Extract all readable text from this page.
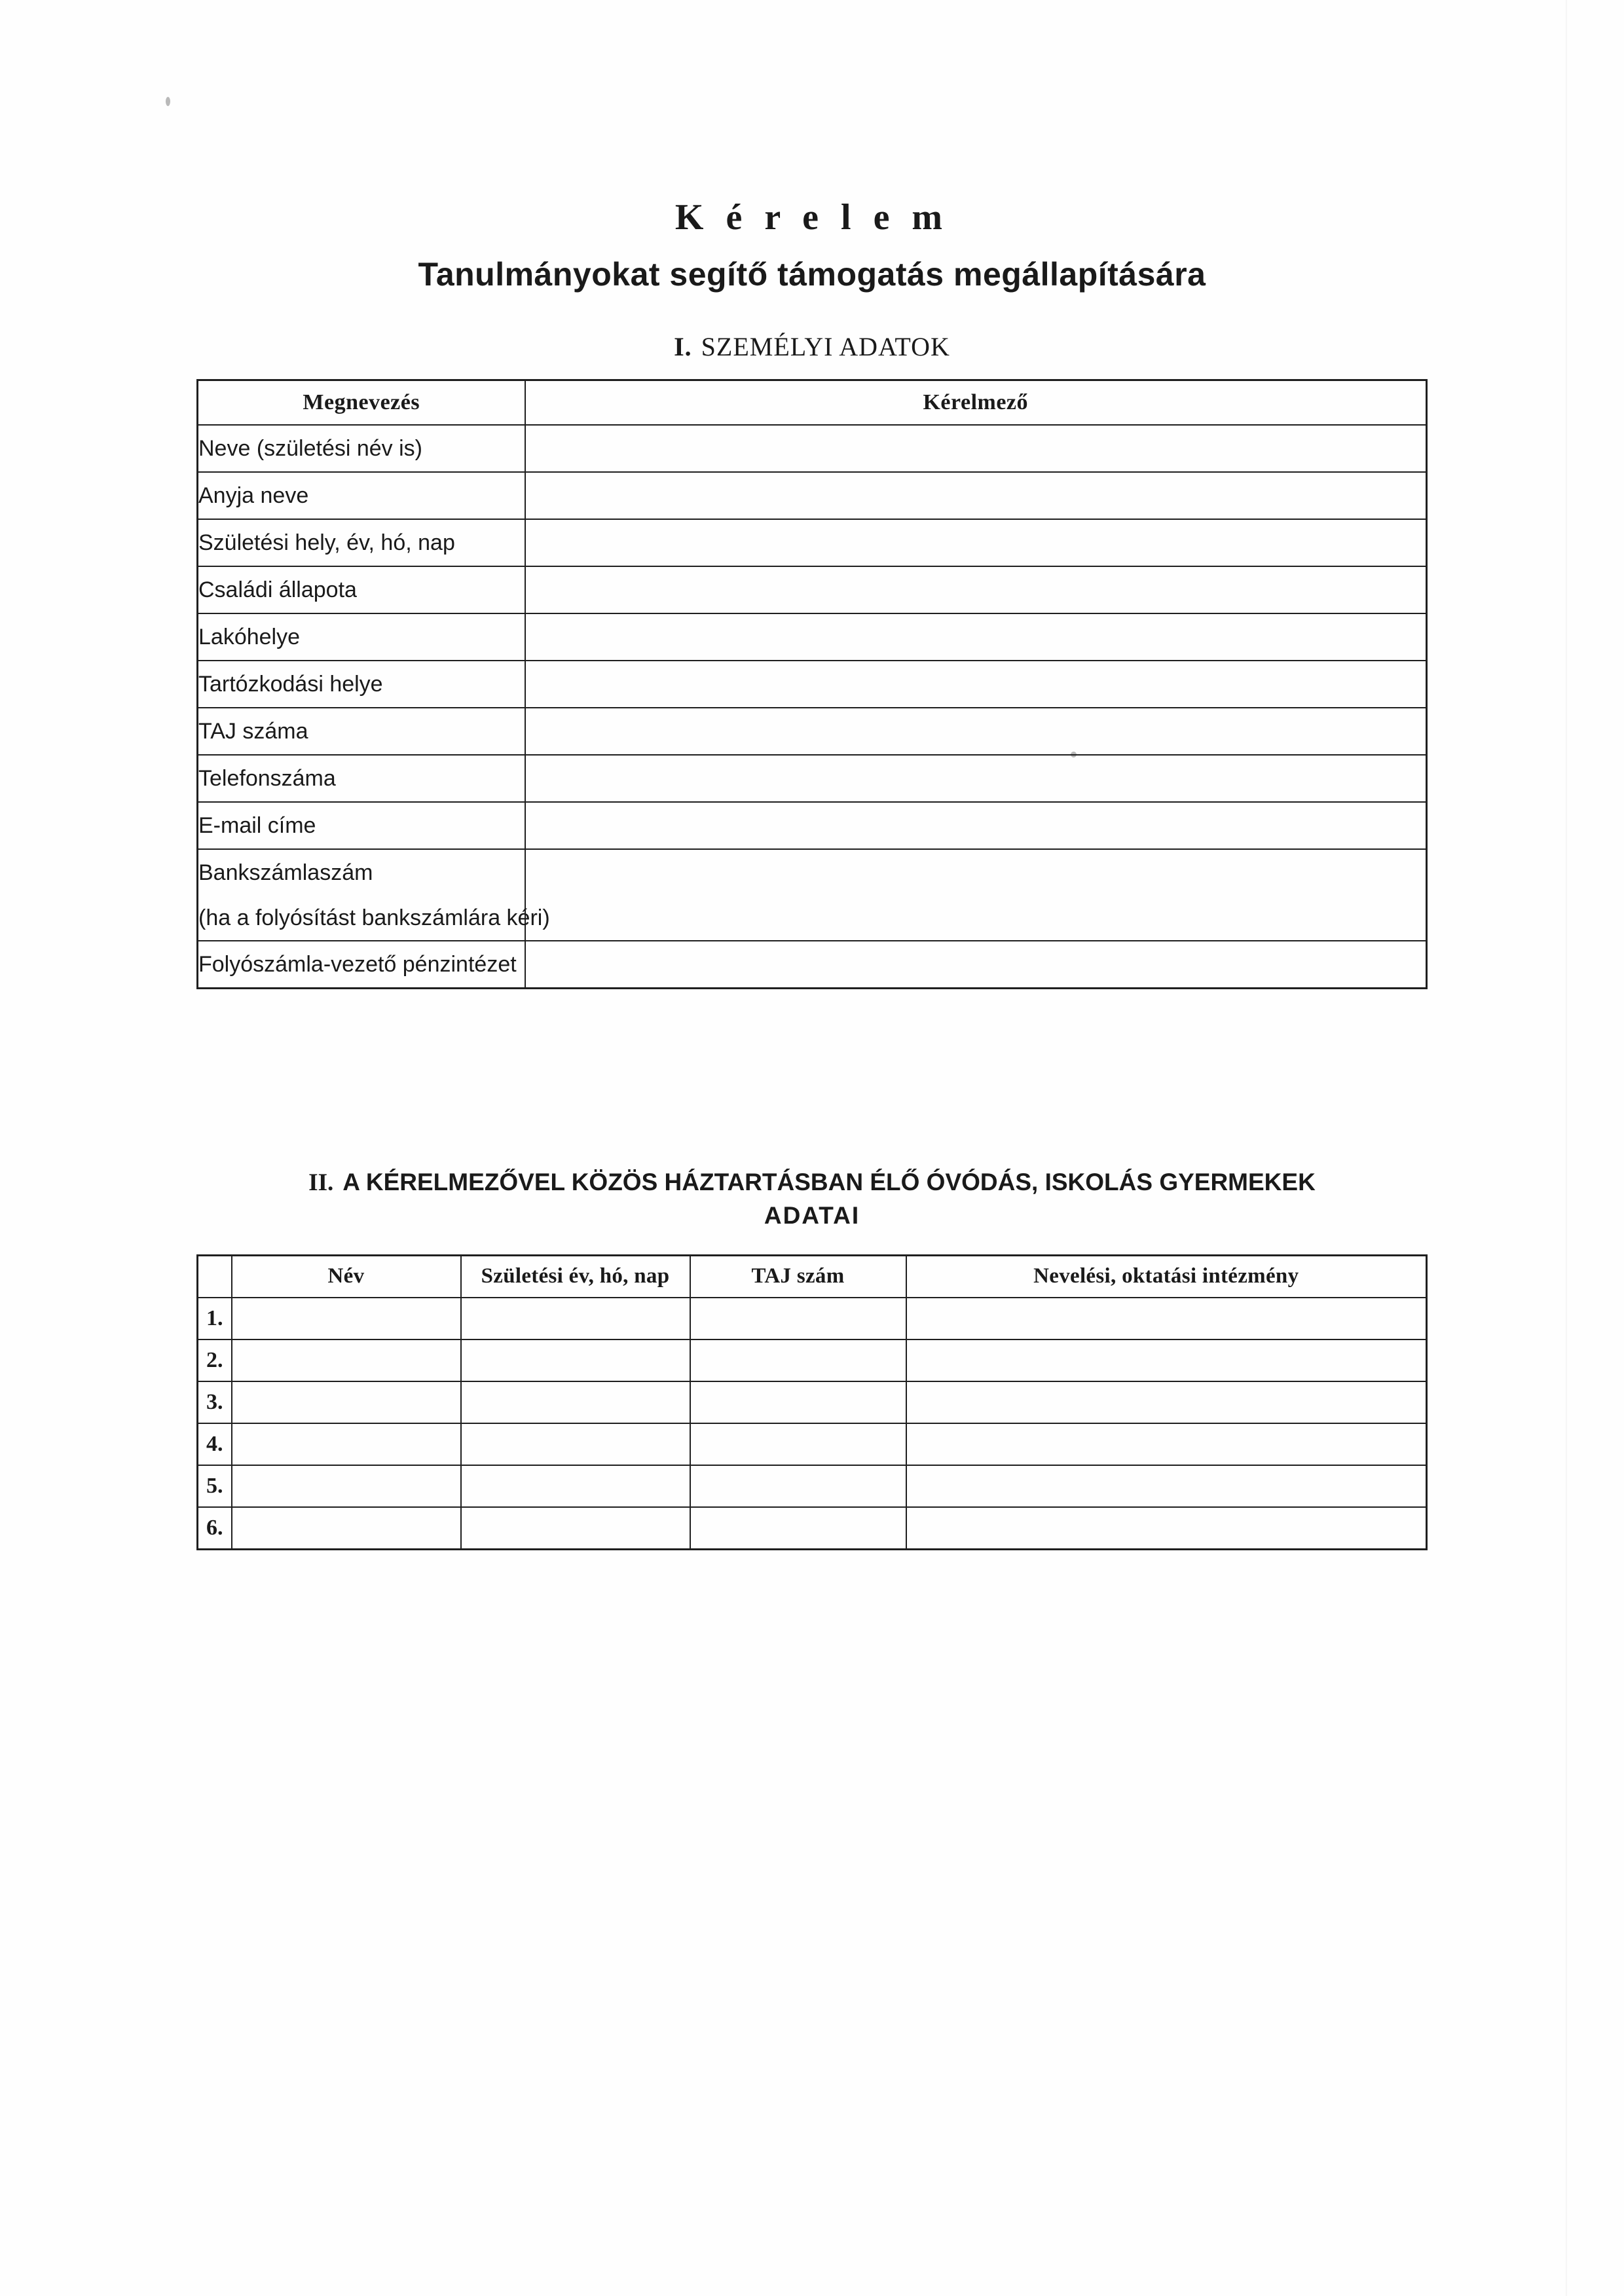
K é r e l e m
Tanulmányokat segítő támogatás megállapítására
I. SZEMÉLYI ADATOK
Megnevezés	Kérelmező
Neve (születési név is)	
Anyja neve	
Születési hely, év, hó, nap	
Családi állapota	
Lakóhelye	
Tartózkodási helye	
TAJ száma	
Telefonszáma	
E-mail címe	
Bankszámlaszám	
(ha a folyósítást bankszámlára kéri)	
Folyószámla-vezető pénzintézet	
II. A KÉRELMEZŐVEL KÖZÖS HÁZTARTÁSBAN ÉLŐ ÓVÓDÁS, ISKOLÁS GYERMEKEK
ADATAI
	Név	Születési év, hó, nap	TAJ szám	Nevelési, oktatási intézmény
1.				
2.				
3.				
4.				
5.				
6.				
